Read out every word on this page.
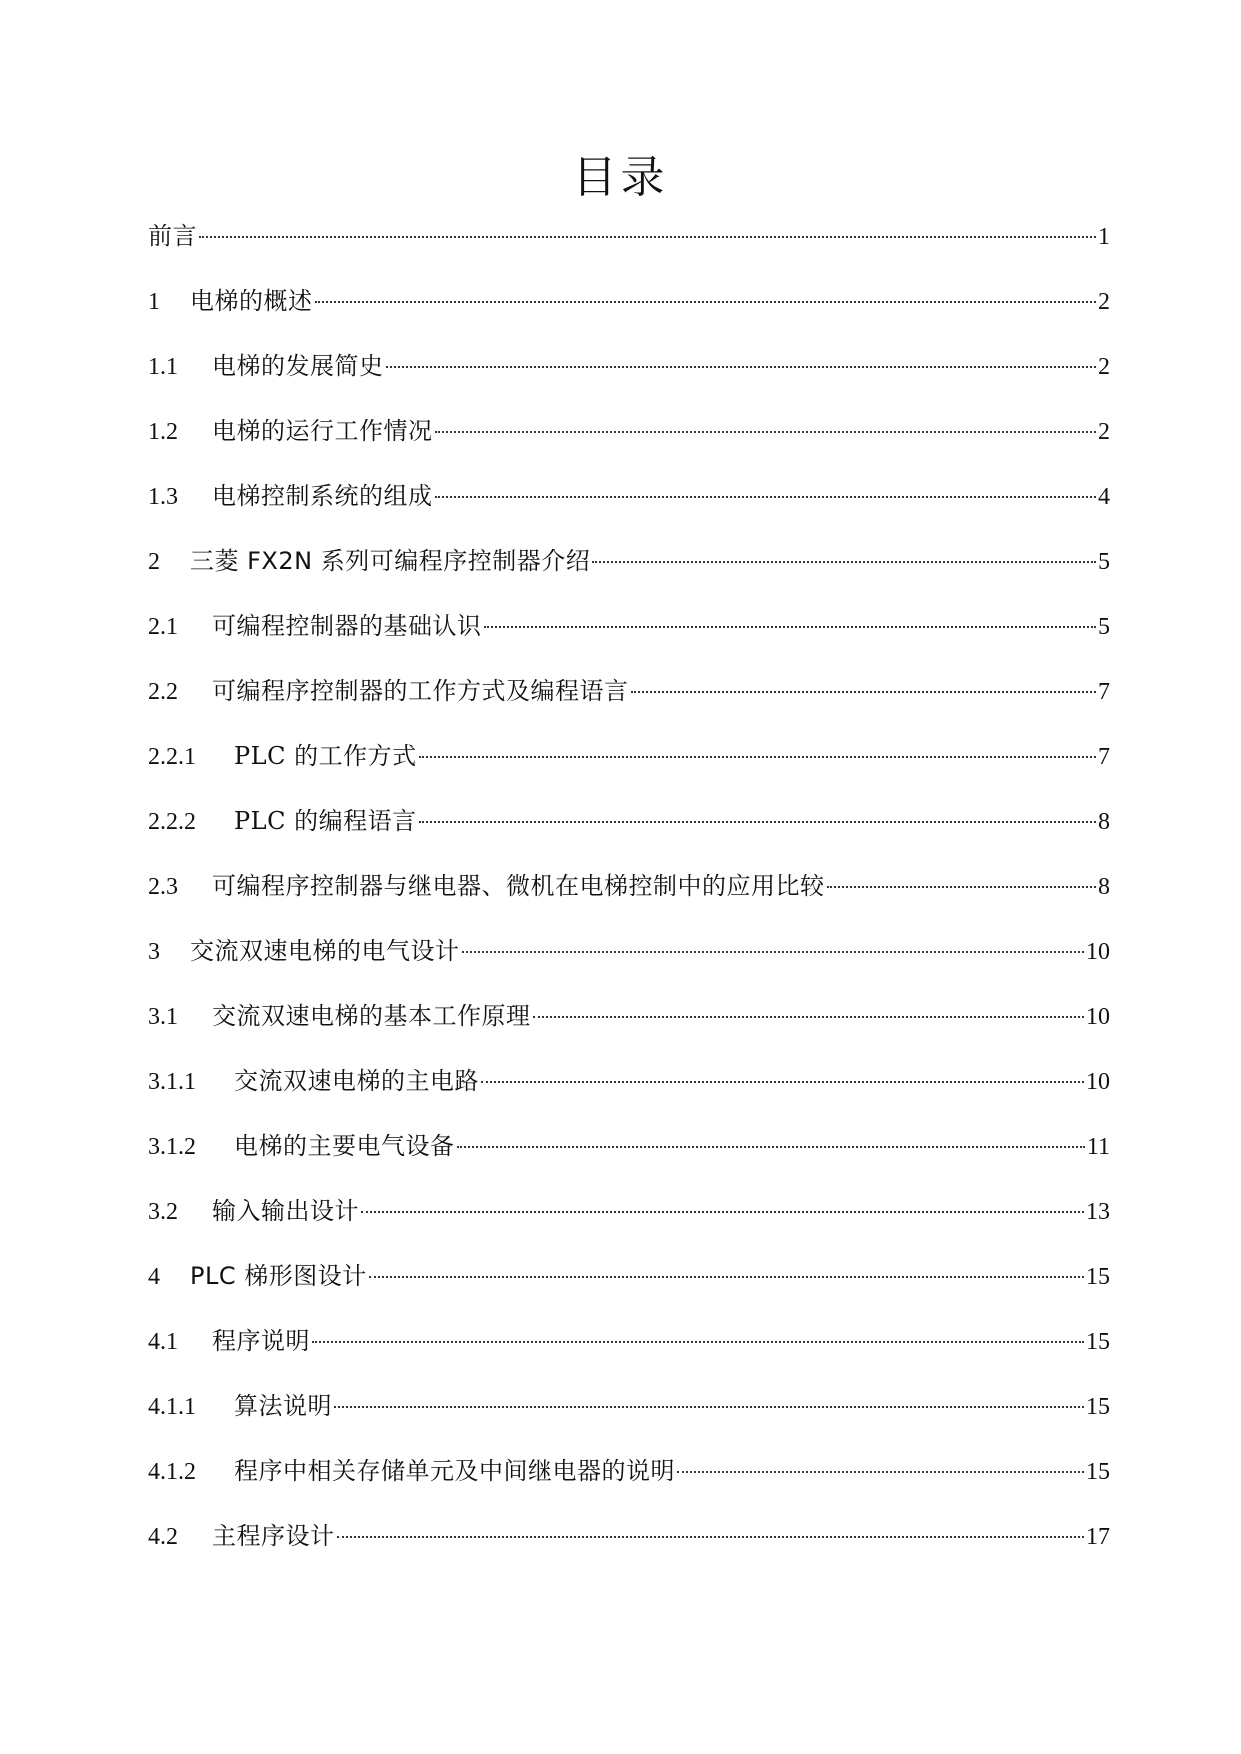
目录
前言	1
1	电梯的概述	2
1.1	电梯的发展简史	2
1.2	电梯的运行工作情况	2
1.3	电梯控制系统的组成	4
2	三菱 FX2N 系列可编程序控制器介绍	5
2.1	可编程控制器的基础认识	5
2.2	可编程序控制器的工作方式及编程语言	7
2.2.1	PLC 的工作方式	7
2.2.2	PLC 的编程语言	8
2.3	可编程序控制器与继电器、微机在电梯控制中的应用比较	8
3	交流双速电梯的电气设计	10
3.1	交流双速电梯的基本工作原理	10
3.1.1	交流双速电梯的主电路	10
3.1.2	电梯的主要电气设备	11
3.2	输入输出设计	13
4	PLC 梯形图设计	15
4.1	程序说明	15
4.1.1	算法说明	15
4.1.2	程序中相关存储单元及中间继电器的说明	15
4.2	主程序设计	17
